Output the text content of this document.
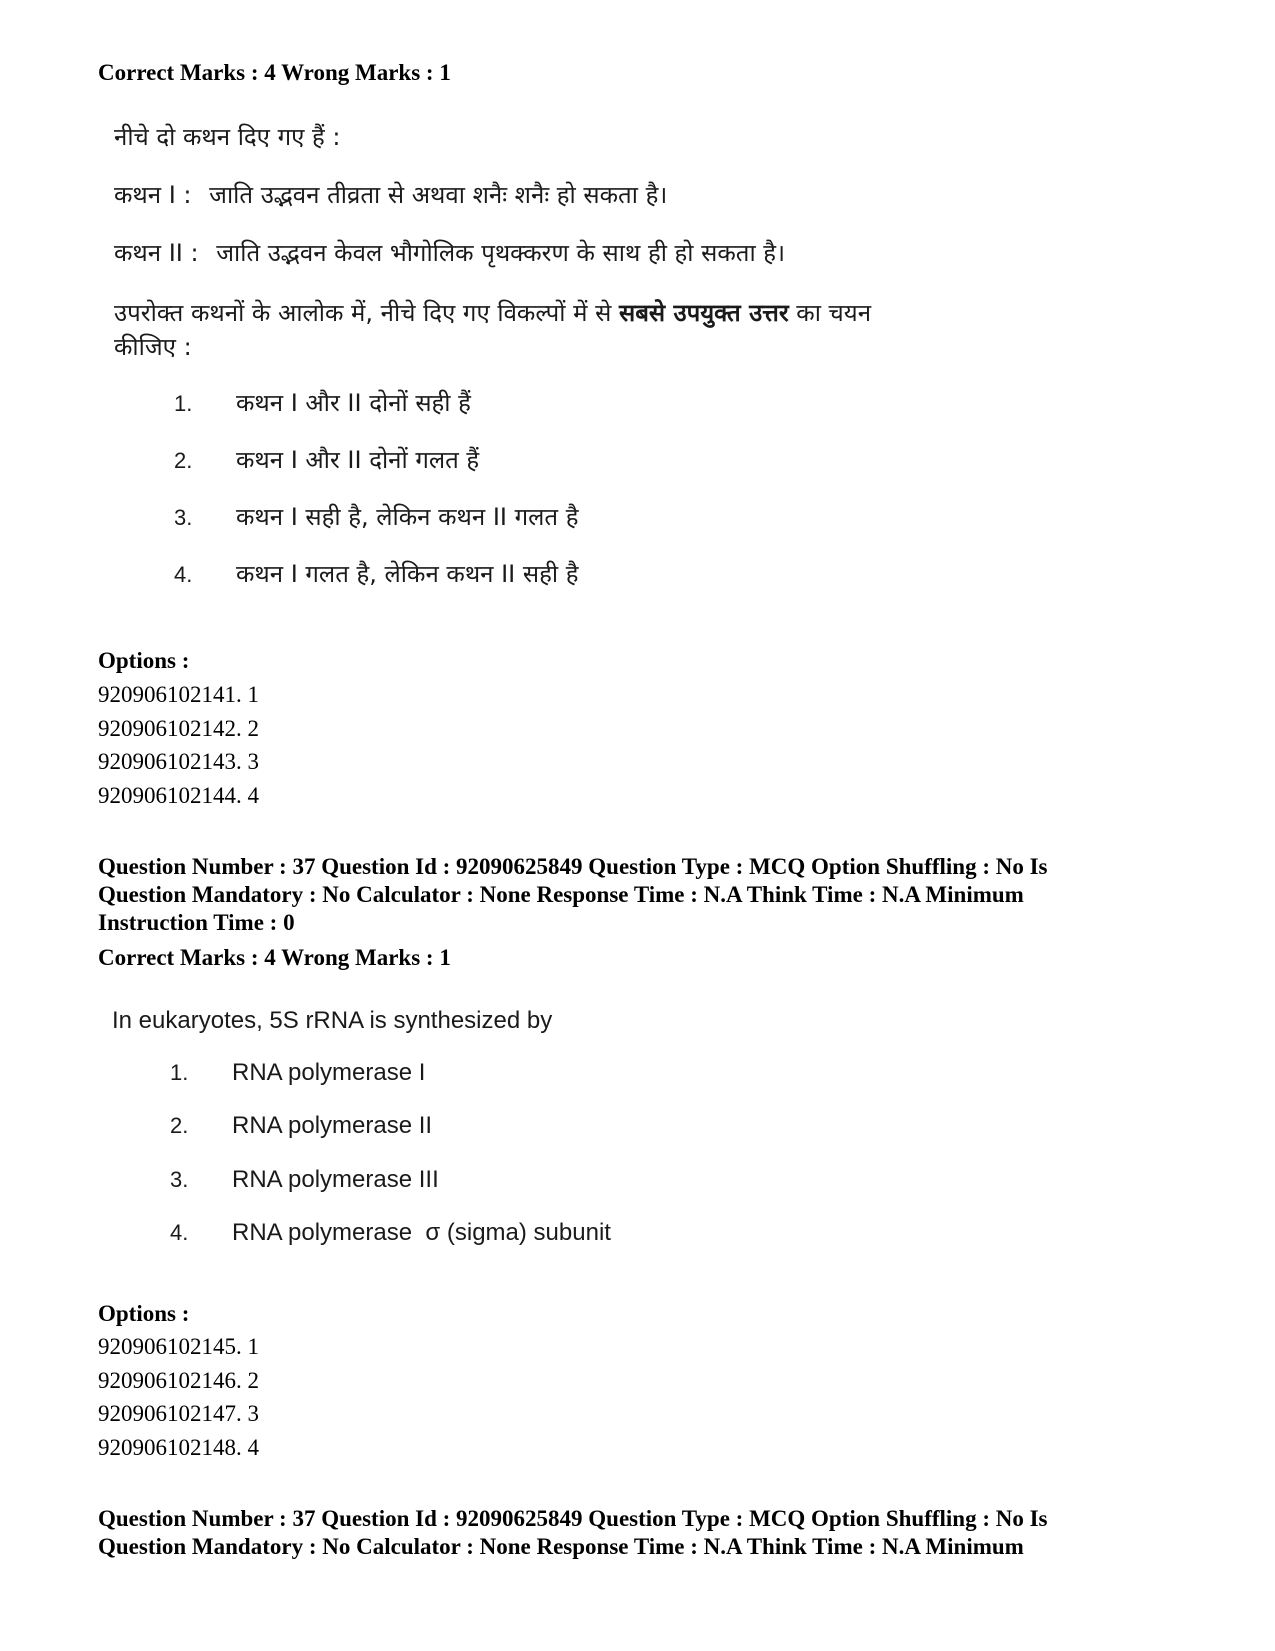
Correct Marks : 4 Wrong Marks : 1
नीचे दो कथन दिए गए हैं :
कथन I : जाति उद्भवन तीव्रता से अथवा शनैः शनैः हो सकता है।
कथन II : जाति उद्भवन केवल भौगोलिक पृथक्करण के साथ ही हो सकता है।
उपरोक्त कथनों के आलोक में, नीचे दिए गए विकल्पों में से सबसे उपयुक्त उत्तर का चयन
कीजिए :
1. कथन I और II दोनों सही हैं
2. कथन I और II दोनों गलत हैं
3. कथन I सही है, लेकिन कथन II गलत है
4. कथन I गलत है, लेकिन कथन II सही है
Options :
920906102141. 1
920906102142. 2
920906102143. 3
920906102144. 4
Question Number : 37 Question Id : 92090625849 Question Type : MCQ Option Shuffling : No Is
Question Mandatory : No Calculator : None Response Time : N.A Think Time : N.A Minimum
Instruction Time : 0
Correct Marks : 4 Wrong Marks : 1
In eukaryotes, 5S rRNA is synthesized by
1. RNA polymerase I
2. RNA polymerase II
3. RNA polymerase III
4. RNA polymerase  σ (sigma) subunit
Options :
920906102145. 1
920906102146. 2
920906102147. 3
920906102148. 4
Question Number : 37 Question Id : 92090625849 Question Type : MCQ Option Shuffling : No Is
Question Mandatory : No Calculator : None Response Time : N.A Think Time : N.A Minimum
